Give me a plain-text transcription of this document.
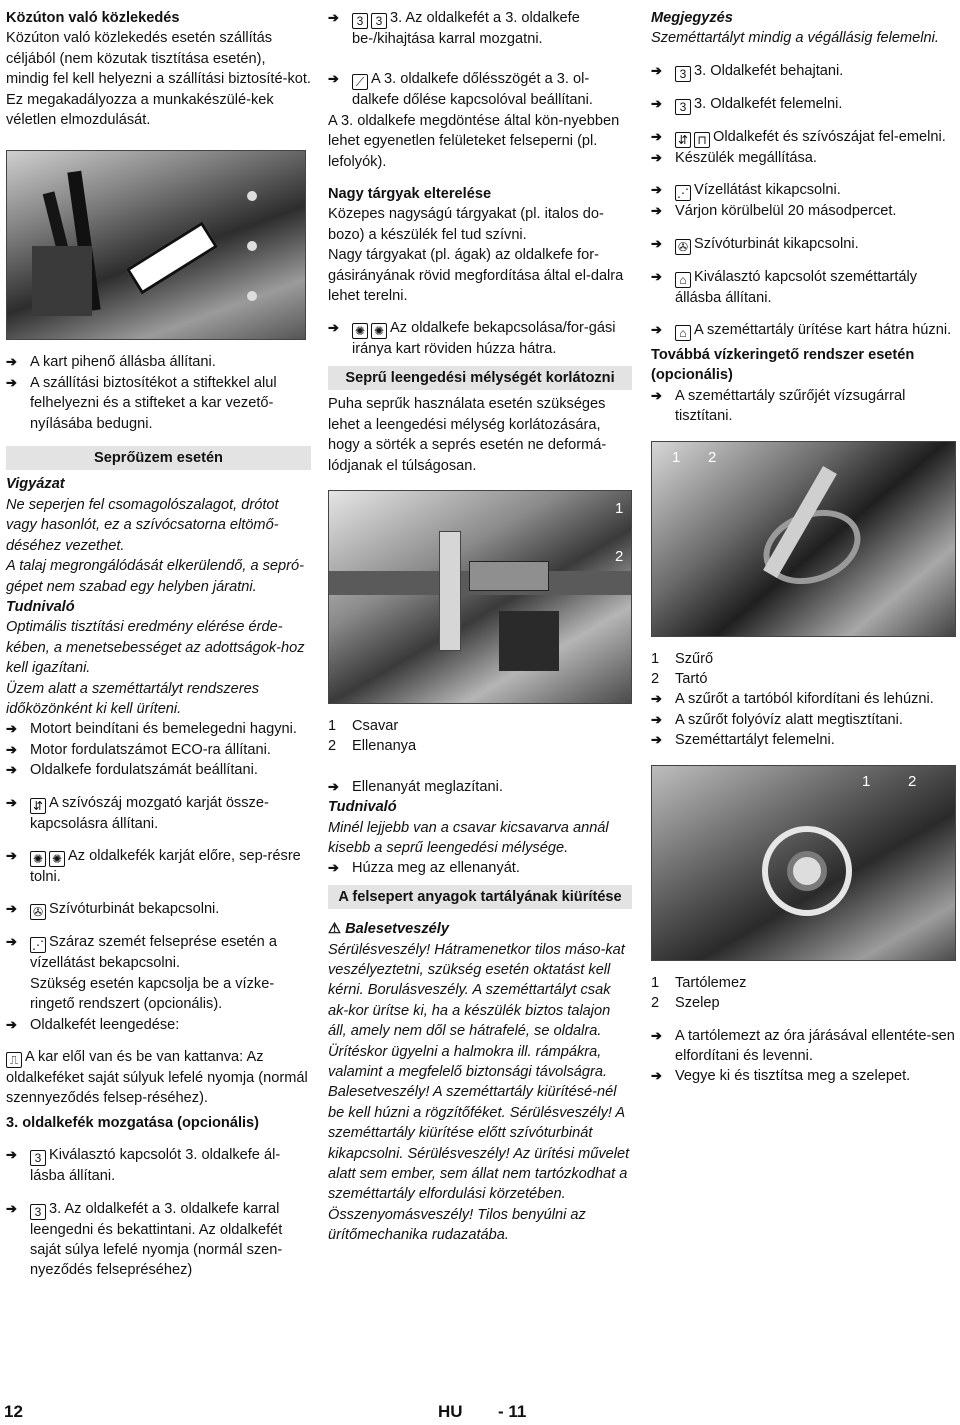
Közúton való közlekedés

Közúton való közlekedés esetén szállítás céljából (nem közutak tisztítása esetén), mindig fel kell helyezni a szállítási biztosíté-kot. Ez megakadályozza a munkakészülé-kek véletlen elmozdulását.

➔ A kart pihenő állásba állítani.
➔ A szállítási biztosítékot a stiftekkel alul felhelyezni és a stifteket a kar vezető-nyílásába bedugni.
Seprőüzem esetén

Vigyázat

Ne seperjen fel csomagolószalagot, drótot vagy hasonlót, ez a szívócsatorna eltömő-déséhez vezethet.

A talaj megrongálódását elkerülendő, a sepró-gépet nem szabad egy helyben járatni.

Tudnivaló

Optimális tisztítási eredmény elérése érde-kében, a menetsebességet az adottságok-hoz kell igazítani.

Üzem alatt a szeméttartályt rendszeres időközönként ki kell üríteni.

➔ Motort beindítani és bemelegedni hagyni.
➔ Motor fordulatszámot ECO-ra állítani.
➔ Oldalkefe fordulatszámát beállítani.
➔ ⇵ A szívószáj mozgató karját össze-kapcsolásra állítani.
➔ ✺ ✺ Az oldalkefék karját előre, sep-résre tolni.
➔ ✇ Szívóturbinát bekapcsolni.
➔ ⋰ Száraz szemét felseprése esetén a vízellátást bekapcsolni.

Szükség esetén kapcsolja be a vízke-ringető rendszert (opcionális).

➔ Oldalkefét leengedése:

⎍ A kar elől van és be van kattanva: Az oldalkeféket saját súlyuk lefelé nyomja (normál szennyeződés felsep-réséhez).

3. oldalkefék mozgatása (opcionális)

➔ 3 Kiválasztó kapcsolót 3. oldalkefe ál-lásba állítani.
➔ 3 3. Az oldalkefét a 3. oldalkefe karral leengedni és bekattintani. Az oldalkefét saját súlya lefelé nyomja (normál szen-nyeződés felsepréséhez)
➔ 3 3 3. Az oldalkefét a 3. oldalkefe be-/kihajtása karral mozgatni.
➔ ⟋ A 3. oldalkefe dőlésszögét a 3. ol-dalkefe dőlése kapcsolóval beállítani.

A 3. oldalkefe megdöntése által kön-nyebben lehet egyenetlen felületeket felseperni (pl. lefolyók).

Nagy tárgyak elterelése

Közepes nagyságú tárgyakat (pl. italos do-bozo) a készülék fel tud szívni.

Nagy tárgyakat (pl. ágak) az oldalkefe for-gásirányának rövid megfordítása által el-dalra lehet terelni.

➔ ✺ ✺ Az oldalkefe bekapcsolása/for-gási iránya kart röviden húzza hátra.
Seprű leengedési mélységét korlátozni

Puha seprűk használata esetén szükséges lehet a leengedési mélység korlátozására, hogy a sörték a seprés esetén ne deformá-lódjanak el túlságosan.

1
2
1	Csavar
2	Ellenanya
➔ Ellenanyát meglazítani.

Tudnivaló

Minél lejjebb van a csavar kicsavarva annál kisebb a seprű leengedési mélysége.

➔ Húzza meg az ellenanyát.
A felsepert anyagok tartályának kiürítése

⚠ Balesetveszély

Sérülésveszély! Hátramenetkor tilos máso-kat veszélyeztetni, szükség esetén oktatást kell kérni. Borulásveszély. A szeméttartályt csak ak-kor ürítse ki, ha a készülék biztos talajon áll, amely nem dől se hátrafelé, se oldalra. Ürítéskor ügyelni a halmokra ill. rámpákra, valamint a megfelelő biztonsági távolságra. Balesetveszély! A szeméttartály kiürítésé-nél be kell húzni a rögzítőféket. Sérülésveszély! A szeméttartály kiürítése előtt szívóturbinát kikapcsolni. Sérülésveszély! Az ürítési művelet alatt sem ember, sem állat nem tartózkodhat a szeméttartály elfordulási körzetében. Összenyomásveszély! Tilos benyúlni az ürítőmechanika rudazatába.

Megjegyzés

Szeméttartályt mindig a végállásig felemelni.

➔ 3 3. Oldalkefét behajtani.
➔ 3 3. Oldalkefét felemelni.
➔ ⇵ ⊓ Oldalkefét és szívószájat fel-emelni.
➔ Készülék megállítása.
➔ ⋰ Vízellátást kikapcsolni.
➔ Várjon körülbelül 20 másodpercet.
➔ ✇ Szívóturbinát kikapcsolni.
➔ ⌂ Kiválasztó kapcsolót szeméttartály állásba állítani.
➔ ⌂ A szeméttartály ürítése kart hátra húzni.

Továbbá vízkeringető rendszer esetén (opcionális)

➔ A szeméttartály szűrőjét vízsugárral tisztítani.
1 2
1	Szűrő
2	Tartó
➔ A szűrőt a tartóból kifordítani és lehúzni.
➔ A szűrőt folyóvíz alatt megtisztítani.
➔ Szeméttartályt felemelni.
1	2
1	Tartólemez
2	Szelep
➔ A tartólemezt az óra járásával ellentéte-sen elfordítani és levenni.
➔ Vegye ki és tisztítsa meg a szelepet.
12	HU - 11
